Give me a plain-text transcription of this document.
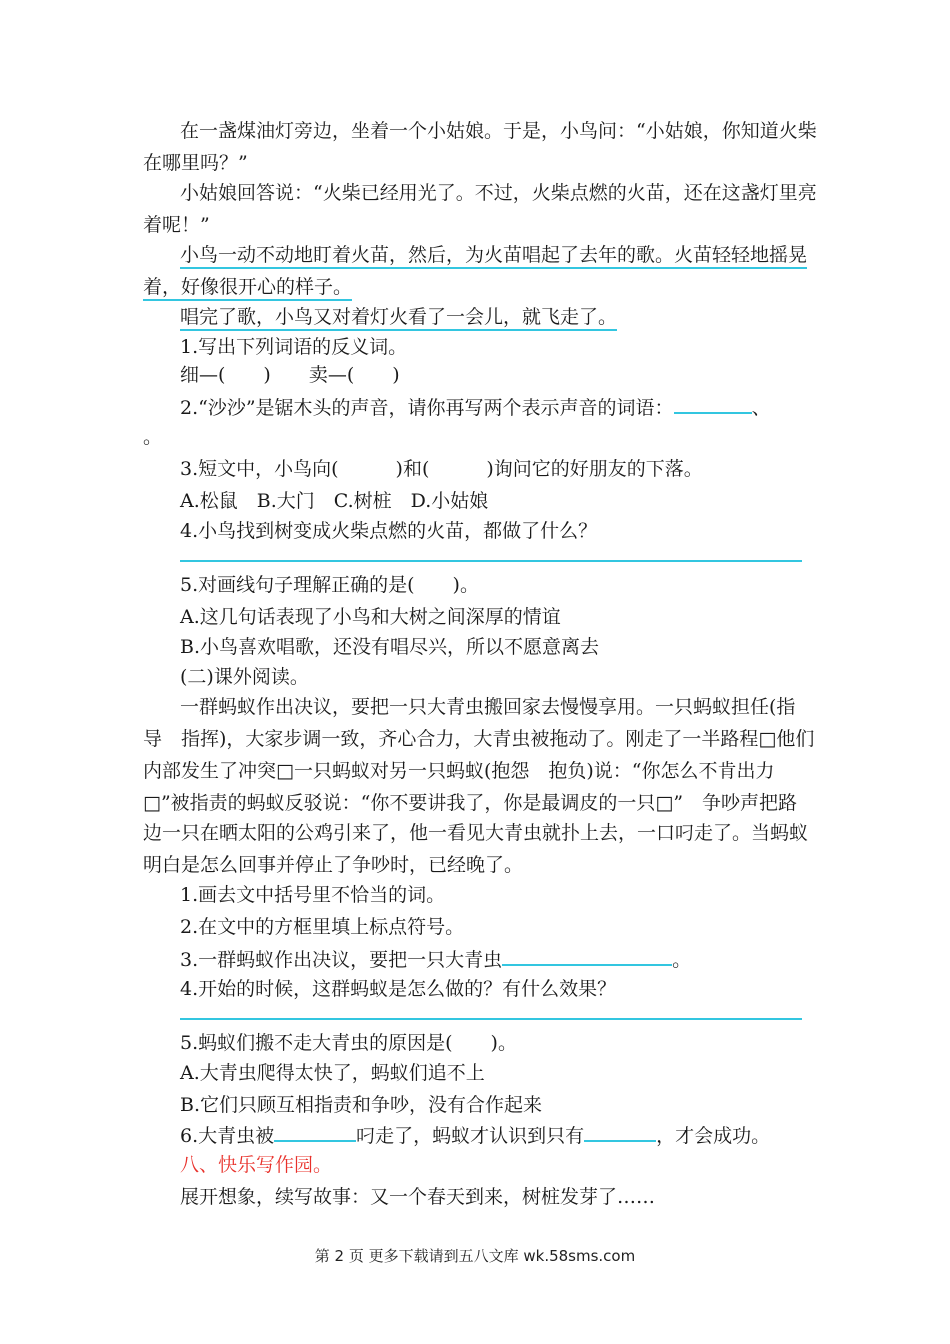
在一盏煤油灯旁边，坐着一个小姑娘。于是，小鸟问：“小姑娘，你知道火柴
在哪里吗？”
小姑娘回答说：“火柴已经用光了。不过，火柴点燃的火苗，还在这盏灯里亮
着呢！”
小鸟一动不动地盯着火苗，然后，为火苗唱起了去年的歌。火苗轻轻地摇晃
着，好像很开心的样子。
唱完了歌，小鸟又对着灯火看了一会儿，就飞走了。
1.写出下列词语的反义词。
细—(　　)　　卖—(　　)
2.“沙沙”是锯木头的声音，请你再写两个表示声音的词语：	、
。
3.短文中，小鸟向(　　　)和(　　　)询问它的好朋友的下落。
A.松鼠　B.大门　C.树桩　D.小姑娘
4.小鸟找到树变成火柴点燃的火苗，都做了什么？
5.对画线句子理解正确的是(　　)。
A.这几句话表现了小鸟和大树之间深厚的情谊
B.小鸟喜欢唱歌，还没有唱尽兴，所以不愿意离去
(二)课外阅读。
一群蚂蚁作出决议，要把一只大青虫搬回家去慢慢享用。一只蚂蚁担任(指
导　指挥)，大家步调一致，齐心合力，大青虫被拖动了。刚走了一半路程□他们
内部发生了冲突□一只蚂蚁对另一只蚂蚁(抱怨　抱负)说：“你怎么不肯出力
□”被指责的蚂蚁反驳说：“你不要讲我了，你是最调皮的一只□”　争吵声把路
边一只在晒太阳的公鸡引来了，他一看见大青虫就扑上去，一口叼走了。当蚂蚁
明白是怎么回事并停止了争吵时，已经晚了。
1.画去文中括号里不恰当的词。
2.在文中的方框里填上标点符号。
3.一群蚂蚁作出决议，要把一只大青虫	。
4.开始的时候，这群蚂蚁是怎么做的？有什么效果？
5.蚂蚁们搬不走大青虫的原因是(　　)。
A.大青虫爬得太快了，蚂蚁们追不上
B.它们只顾互相指责和争吵，没有合作起来
6.大青虫被	叼走了，蚂蚁才认识到只有	，才会成功。
八、快乐写作园。
展开想象，续写故事：又一个春天到来，树桩发芽了……
第 2 页 更多下载请到五八文库 wk.58sms.com
